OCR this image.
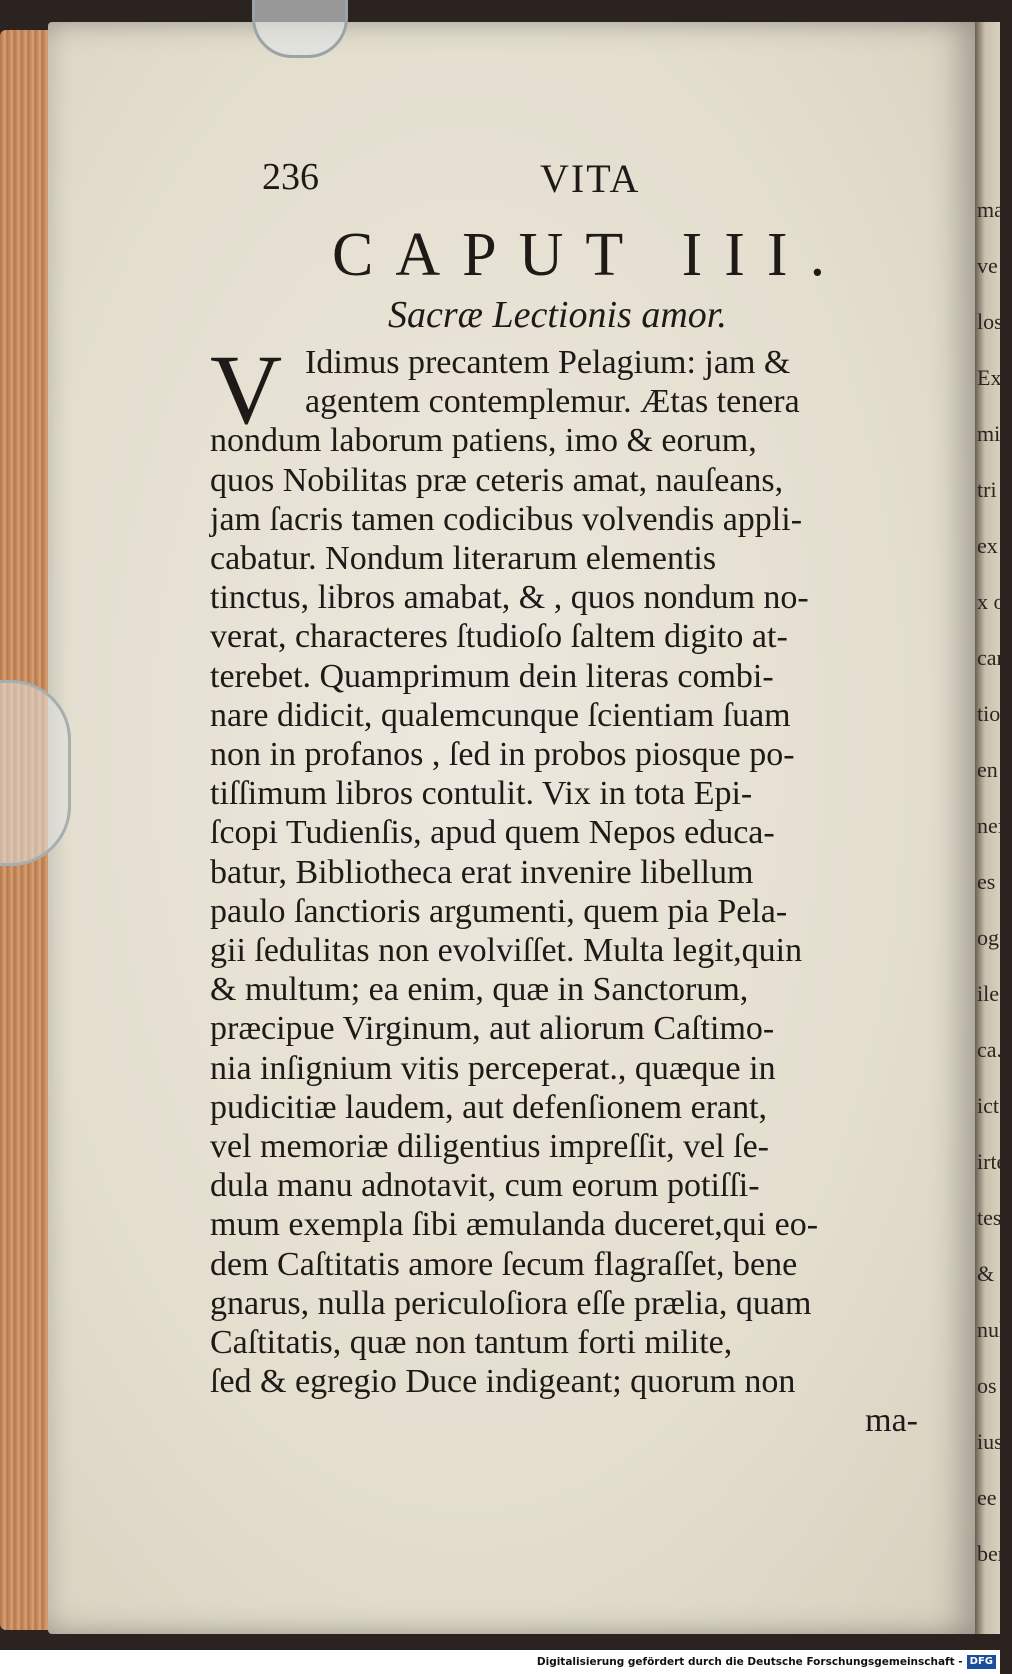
ma
ve
los
Ex
mi
tri
ex
x o
car
tio
en
nef
es
og
ile
ca.
ict
irte
tes.
& F
nul
os
ius
ee
ber
236	VITA
CAPUT III.
Sacræ Lectionis amor.
V Idimus precantem Pelagium: jam &
agentem contemplemur. Ætas tenera
nondum laborum patiens, imo & eorum,
quos Nobilitas præ ceteris amat, nauſeans,
jam ſacris tamen codicibus volvendis appli-
cabatur. Nondum literarum elementis
tinctus, libros amabat, & , quos nondum no-
verat, characteres ſtudioſo ſaltem digito at-
terebet. Quamprimum dein literas combi-
nare didicit, qualemcunque ſcientiam ſuam
non in profanos , ſed in probos piosque po-
tiſſimum libros contulit. Vix in tota Epi-
ſcopi Tudienſis, apud quem Nepos educa-
batur, Bibliotheca erat invenire libellum
paulo ſanctioris argumenti, quem pia Pela-
gii ſedulitas non evolviſſet. Multa legit,quin
& multum; ea enim, quæ in Sanctorum,
præcipue Virginum, aut aliorum Caſtimo-
nia inſignium vitis perceperat., quæque in
pudicitiæ laudem, aut defenſionem erant,
vel memoriæ diligentius impreſſit, vel ſe-
dula manu adnotavit, cum eorum potiſſi-
mum exempla ſibi æmulanda duceret,qui eo-
dem Caſtitatis amore ſecum flagraſſet, bene
gnarus, nulla periculoſiora eſſe prælia, quam
Caſtitatis, quæ non tantum forti milite,
ſed & egregio Duce indigeant; quorum non
ma-
Digitalisierung gefördert durch die Deutsche Forschungsgemeinschaft - DFG
